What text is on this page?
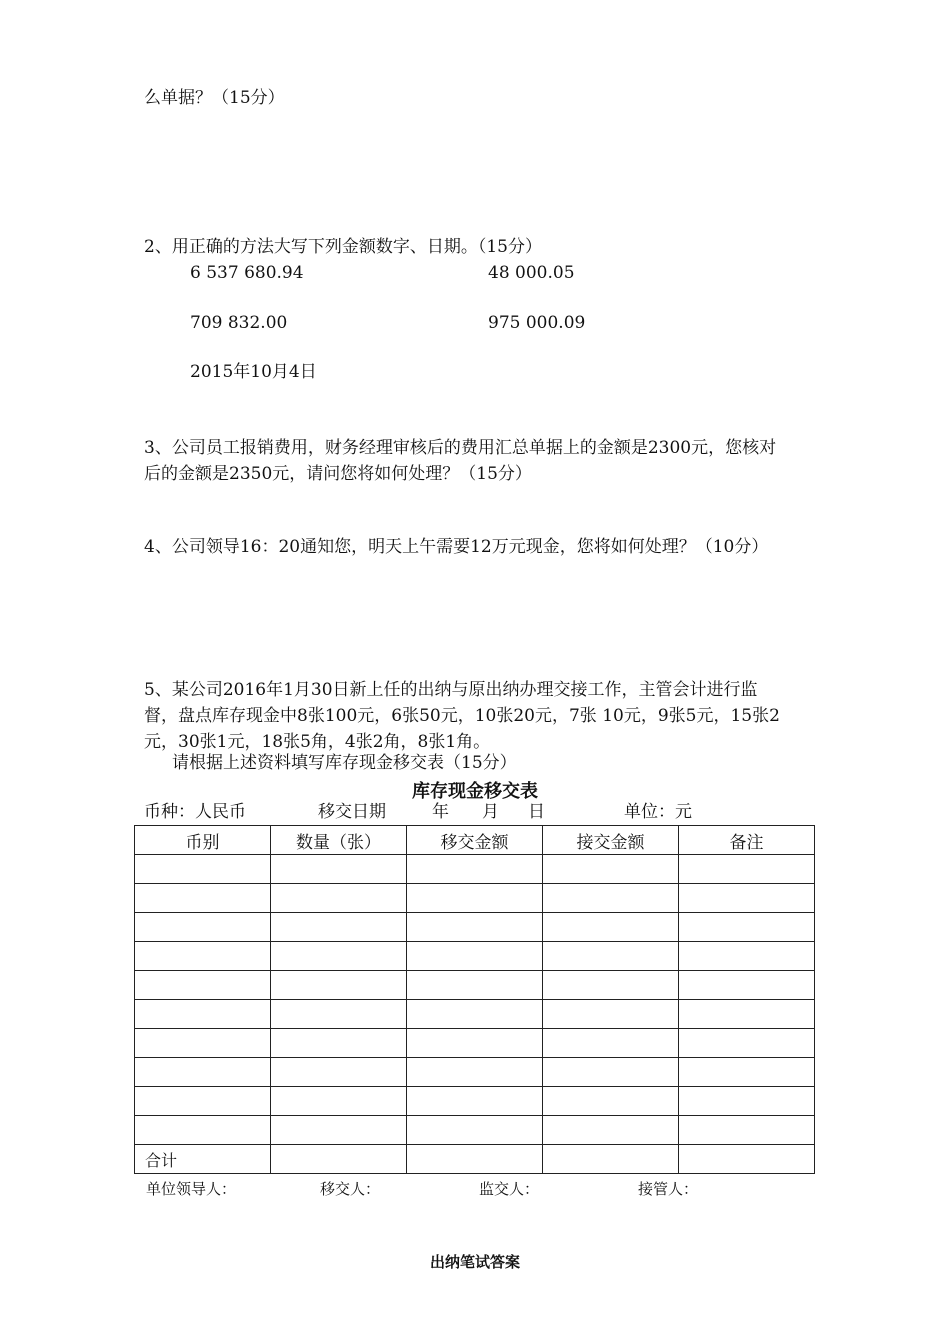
么单据？（15分）
2、用正确的方法大写下列金额数字、日期。（15分）
6 537 680.94	48 000.05
709 832.00	975 000.09
2015年10月4日
3、公司员工报销费用，财务经理审核后的费用汇总单据上的金额是2300元，您核对
后的金额是2350元，请问您将如何处理？（15分）
4、公司领导16：20通知您，明天上午需要12万元现金，您将如何处理？（10分）
5、某公司2016年1月30日新上任的出纳与原出纳办理交接工作，主管会计进行监
督，盘点库存现金中8张100元，6张50元，10张20元，7张 10元，9张5元，15张2
元，30张1元，18张5角，4张2角，8张1角。
请根据上述资料填写库存现金移交表（15分）
库存现金移交表
币种：人民币	移交日期	年 月 日	单位：元
币别	数量（张）	移交金额	接交金额	备注

合计				
单位领导人：	移交人：	监交人：	接管人：
出纳笔试答案
